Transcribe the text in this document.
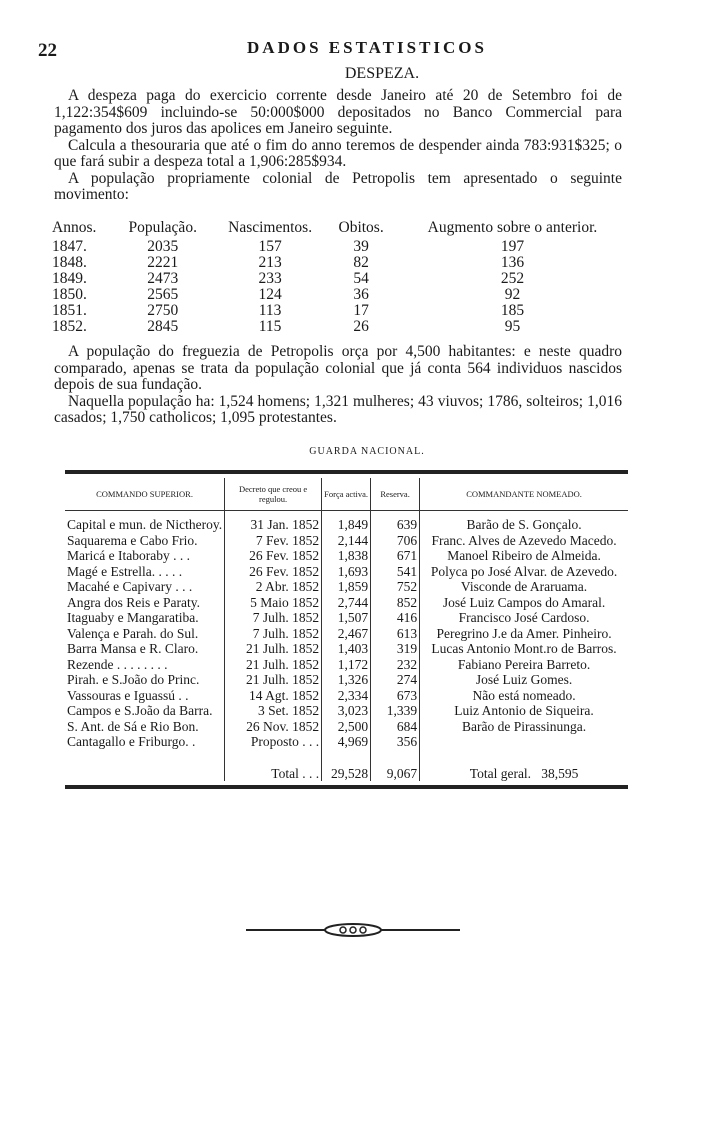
22	DADOS ESTATISTICOS
DESPEZA.

A despeza paga do exercicio corrente desde Janeiro até 20 de Setembro foi de 1,122:354$609 incluindo-se 50:000$000 depositados no Banco Commercial para pagamento dos juros das apolices em Janeiro seguinte.

Calcula a thesouraria que até o fim do anno teremos de despender ainda 783:931$325; o que fará subir a despeza total a 1,906:285$934.

A população propriamente colonial de Petropolis tem apresentado o seguinte movimento:

Annos.	População.	Nascimentos.	Obitos.	Augmento sobre o anterior.
1847.	2035	157	39	197
1848.	2221	213	82	136
1849.	2473	233	54	252
1850.	2565	124	36	92
1851.	2750	113	17	185
1852.	2845	115	26	95

A população do freguezia de Petropolis orça por 4,500 habitantes: e neste quadro comparado, apenas se trata da população colonial que já conta 564 individuos nascidos depois de sua fundação.

Naquella população ha: 1,524 homens; 1,321 mulheres; 43 viuvos; 1786, solteiros; 1,016 casados; 1,750 catholicos; 1,095 protestantes.

GUARDA NACIONAL.
COMMANDO SUPERIOR.	Decreto que creou e regulou.	Força activa.	Reserva.	COMMANDANTE NOMEADO.
Capital e mun. de Nictheroy.	31 Jan. 1852	1,849	639	Barão de S. Gonçalo.
Saquarema e Cabo Frio.	7 Fev. 1852	2,144	706	Franc. Alves de Azevedo Macedo.
Maricá e Itaboraby . . .	26 Fev. 1852	1,838	671	Manoel Ribeiro de Almeida.
Magé e Estrella. . . . .	26 Fev. 1852	1,693	541	Polyca po José Alvar. de Azevedo.
Macahé e Capivary . . .	2 Abr. 1852	1,859	752	Visconde de Araruama.
Angra dos Reis e Paraty.	5 Maio 1852	2,744	852	José Luiz Campos do Amaral.
Itaguaby e Mangaratiba.	7 Julh. 1852	1,507	416	Francisco José Cardoso.
Valença e Parah. do Sul.	7 Julh. 1852	2,467	613	Peregrino J.e da Amer. Pinheiro.
Barra Mansa e R. Claro.	21 Julh. 1852	1,403	319	Lucas Antonio Mont.ro de Barros.
Rezende . . . . . . . .	21 Julh. 1852	1,172	232	Fabiano Pereira Barreto.
Pirah. e S.João do Princ.	21 Julh. 1852	1,326	274	José Luiz Gomes.
Vassouras e Iguassú . .	14 Agt. 1852	2,334	673	Não está nomeado.
Campos e S.João da Barra.	3 Set. 1852	3,023	1,339	Luiz Antonio de Siqueira.
S. Ant. de Sá e Rio Bon.	26 Nov. 1852	2,500	684	Barão de Pirassinunga.
Cantagallo e Friburgo. .	Proposto . . .	4,969	356	
	Total . . .	29,528	9,067	Total geral. 38,595
